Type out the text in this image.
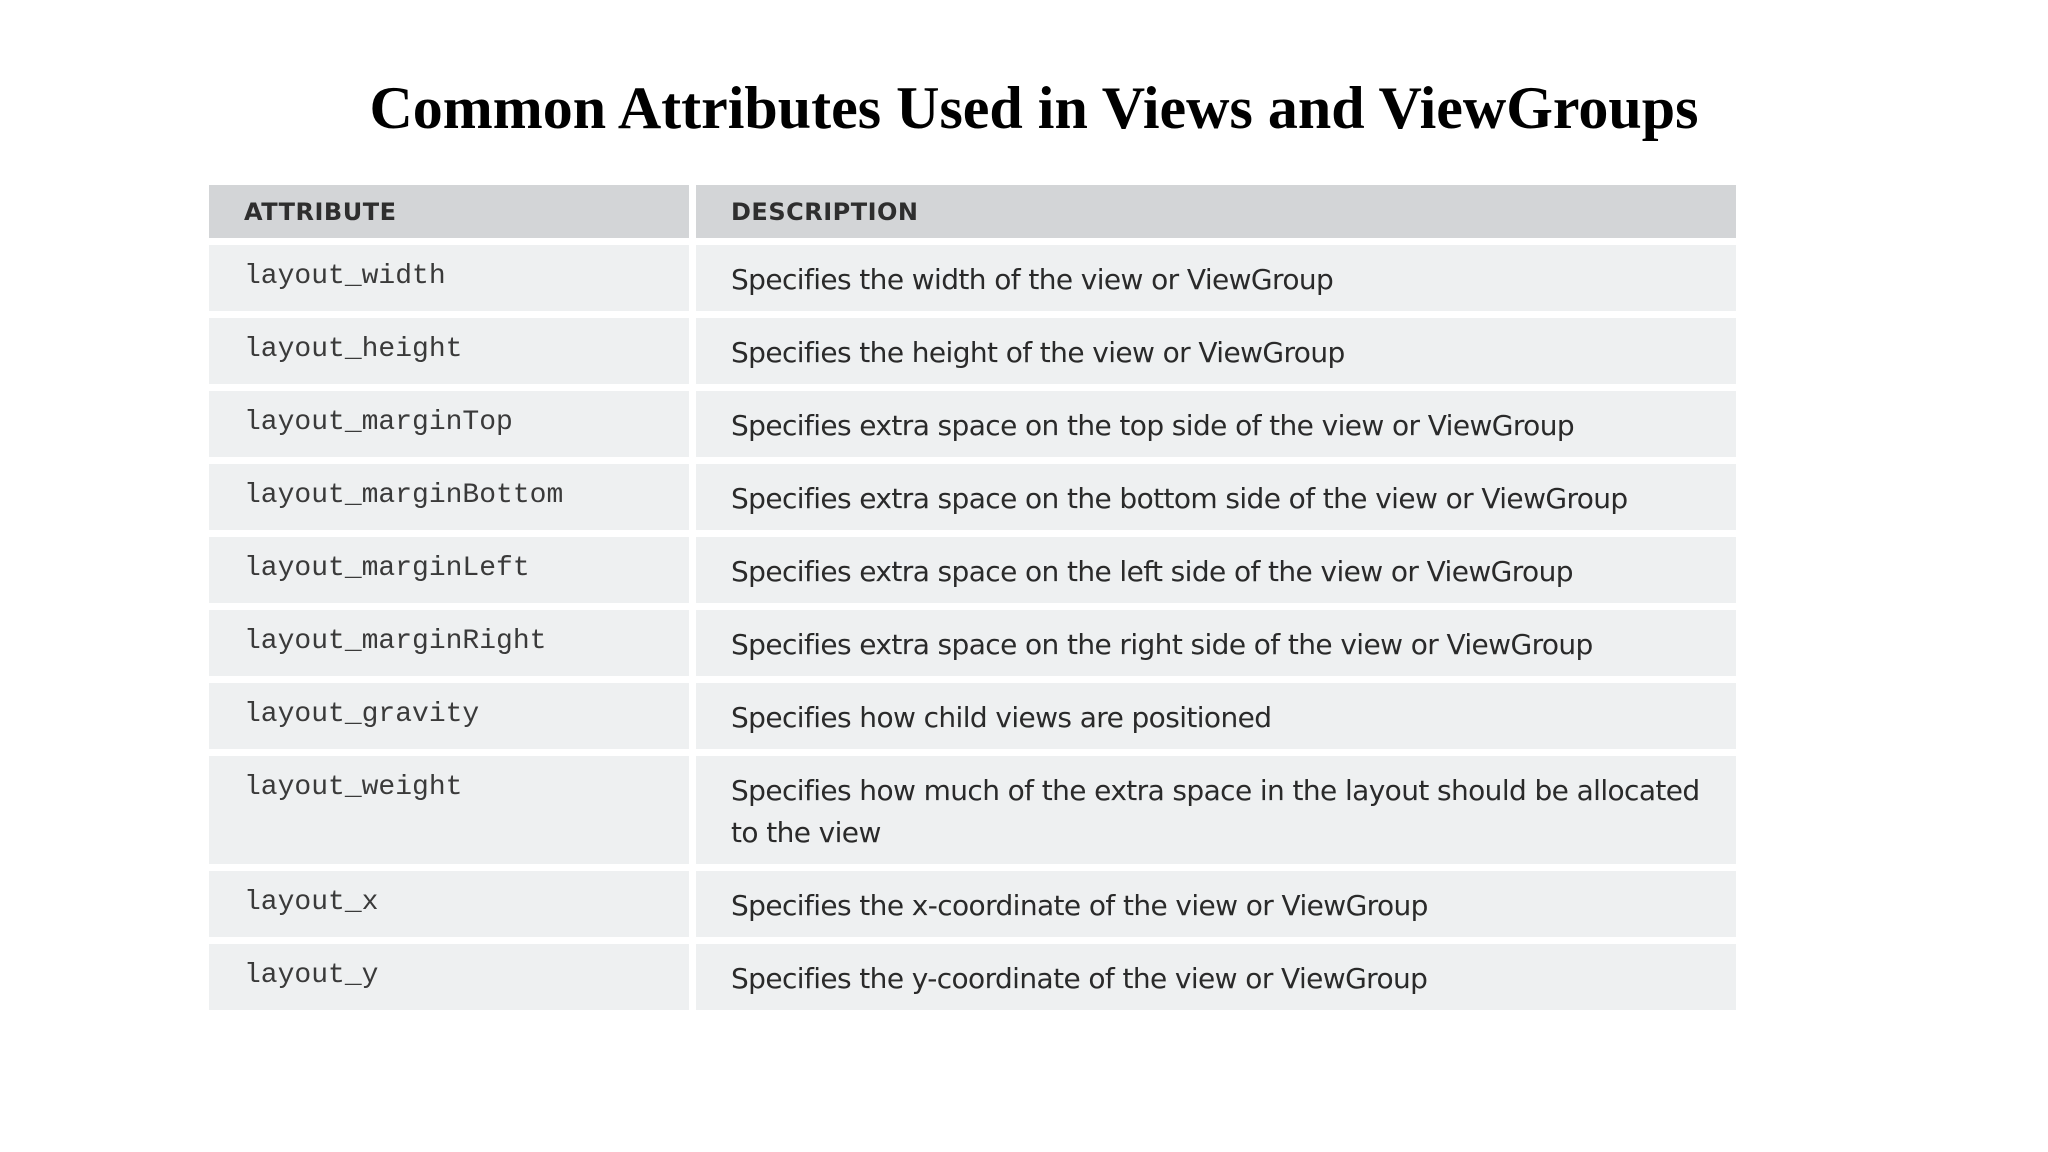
Common Attributes Used in Views and ViewGroups
ATTRIBUTE	DESCRIPTION
layout_width	Specifies the width of the view or ViewGroup
layout_height	Specifies the height of the view or ViewGroup
layout_marginTop	Specifies extra space on the top side of the view or ViewGroup
layout_marginBottom	Specifies extra space on the bottom side of the view or ViewGroup
layout_marginLeft	Specifies extra space on the left side of the view or ViewGroup
layout_marginRight	Specifies extra space on the right side of the view or ViewGroup
layout_gravity	Specifies how child views are positioned
layout_weight	Specifies how much of the extra space in the layout should be allocated to the view
layout_x	Specifies the x-coordinate of the view or ViewGroup
layout_y	Specifies the y-coordinate of the view or ViewGroup
